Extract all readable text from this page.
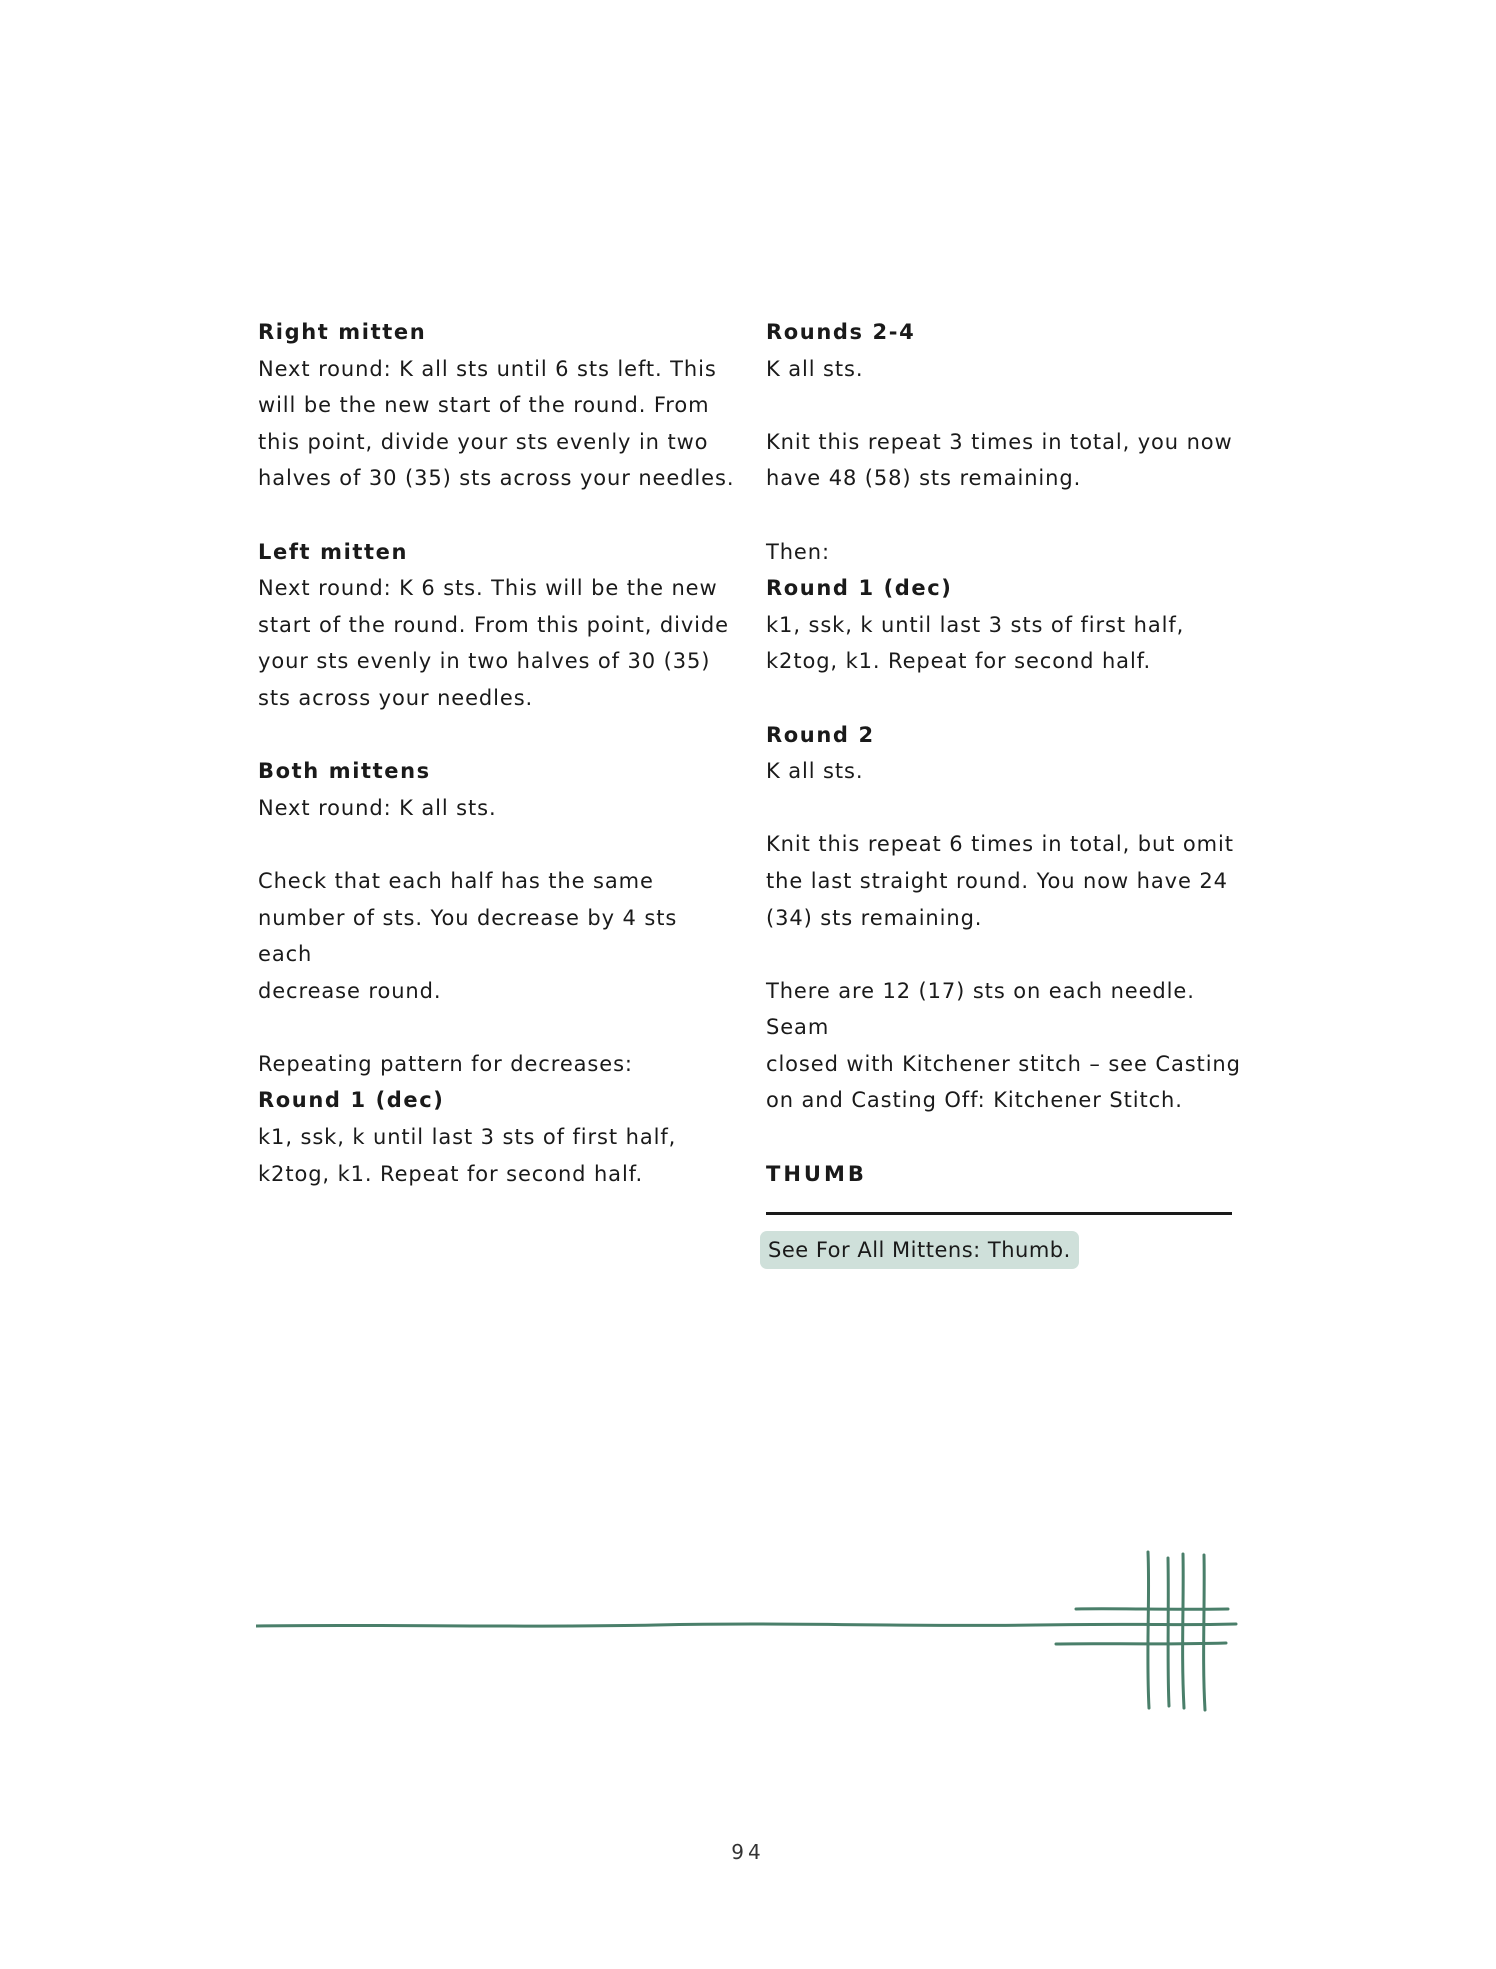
Right mitten

Next round: K all sts until 6 sts left. This

will be the new start of the round. From

this point, divide your sts evenly in two

halves of 30 (35) sts across your needles.

Left mitten

Next round: K 6 sts. This will be the new

start of the round. From this point, divide

your sts evenly in two halves of 30 (35)

sts across your needles.

Both mittens

Next round: K all sts.

Check that each half has the same

number of sts. You decrease by 4 sts each

decrease round.

Repeating pattern for decreases:

Round 1 (dec)

k1, ssk, k until last 3 sts of first half,

k2tog, k1. Repeat for second half.

Rounds 2-4

K all sts.

Knit this repeat 3 times in total, you now

have 48 (58) sts remaining.

Then:

Round 1 (dec)

k1, ssk, k until last 3 sts of first half,

k2tog, k1. Repeat for second half.

Round 2

K all sts.

Knit this repeat 6 times in total, but omit

the last straight round. You now have 24

(34) sts remaining.

There are 12 (17) sts on each needle. Seam

closed with Kitchener stitch – see Casting

on and Casting Off: Kitchener Stitch.

THUMB
See For All Mittens: Thumb.
94
